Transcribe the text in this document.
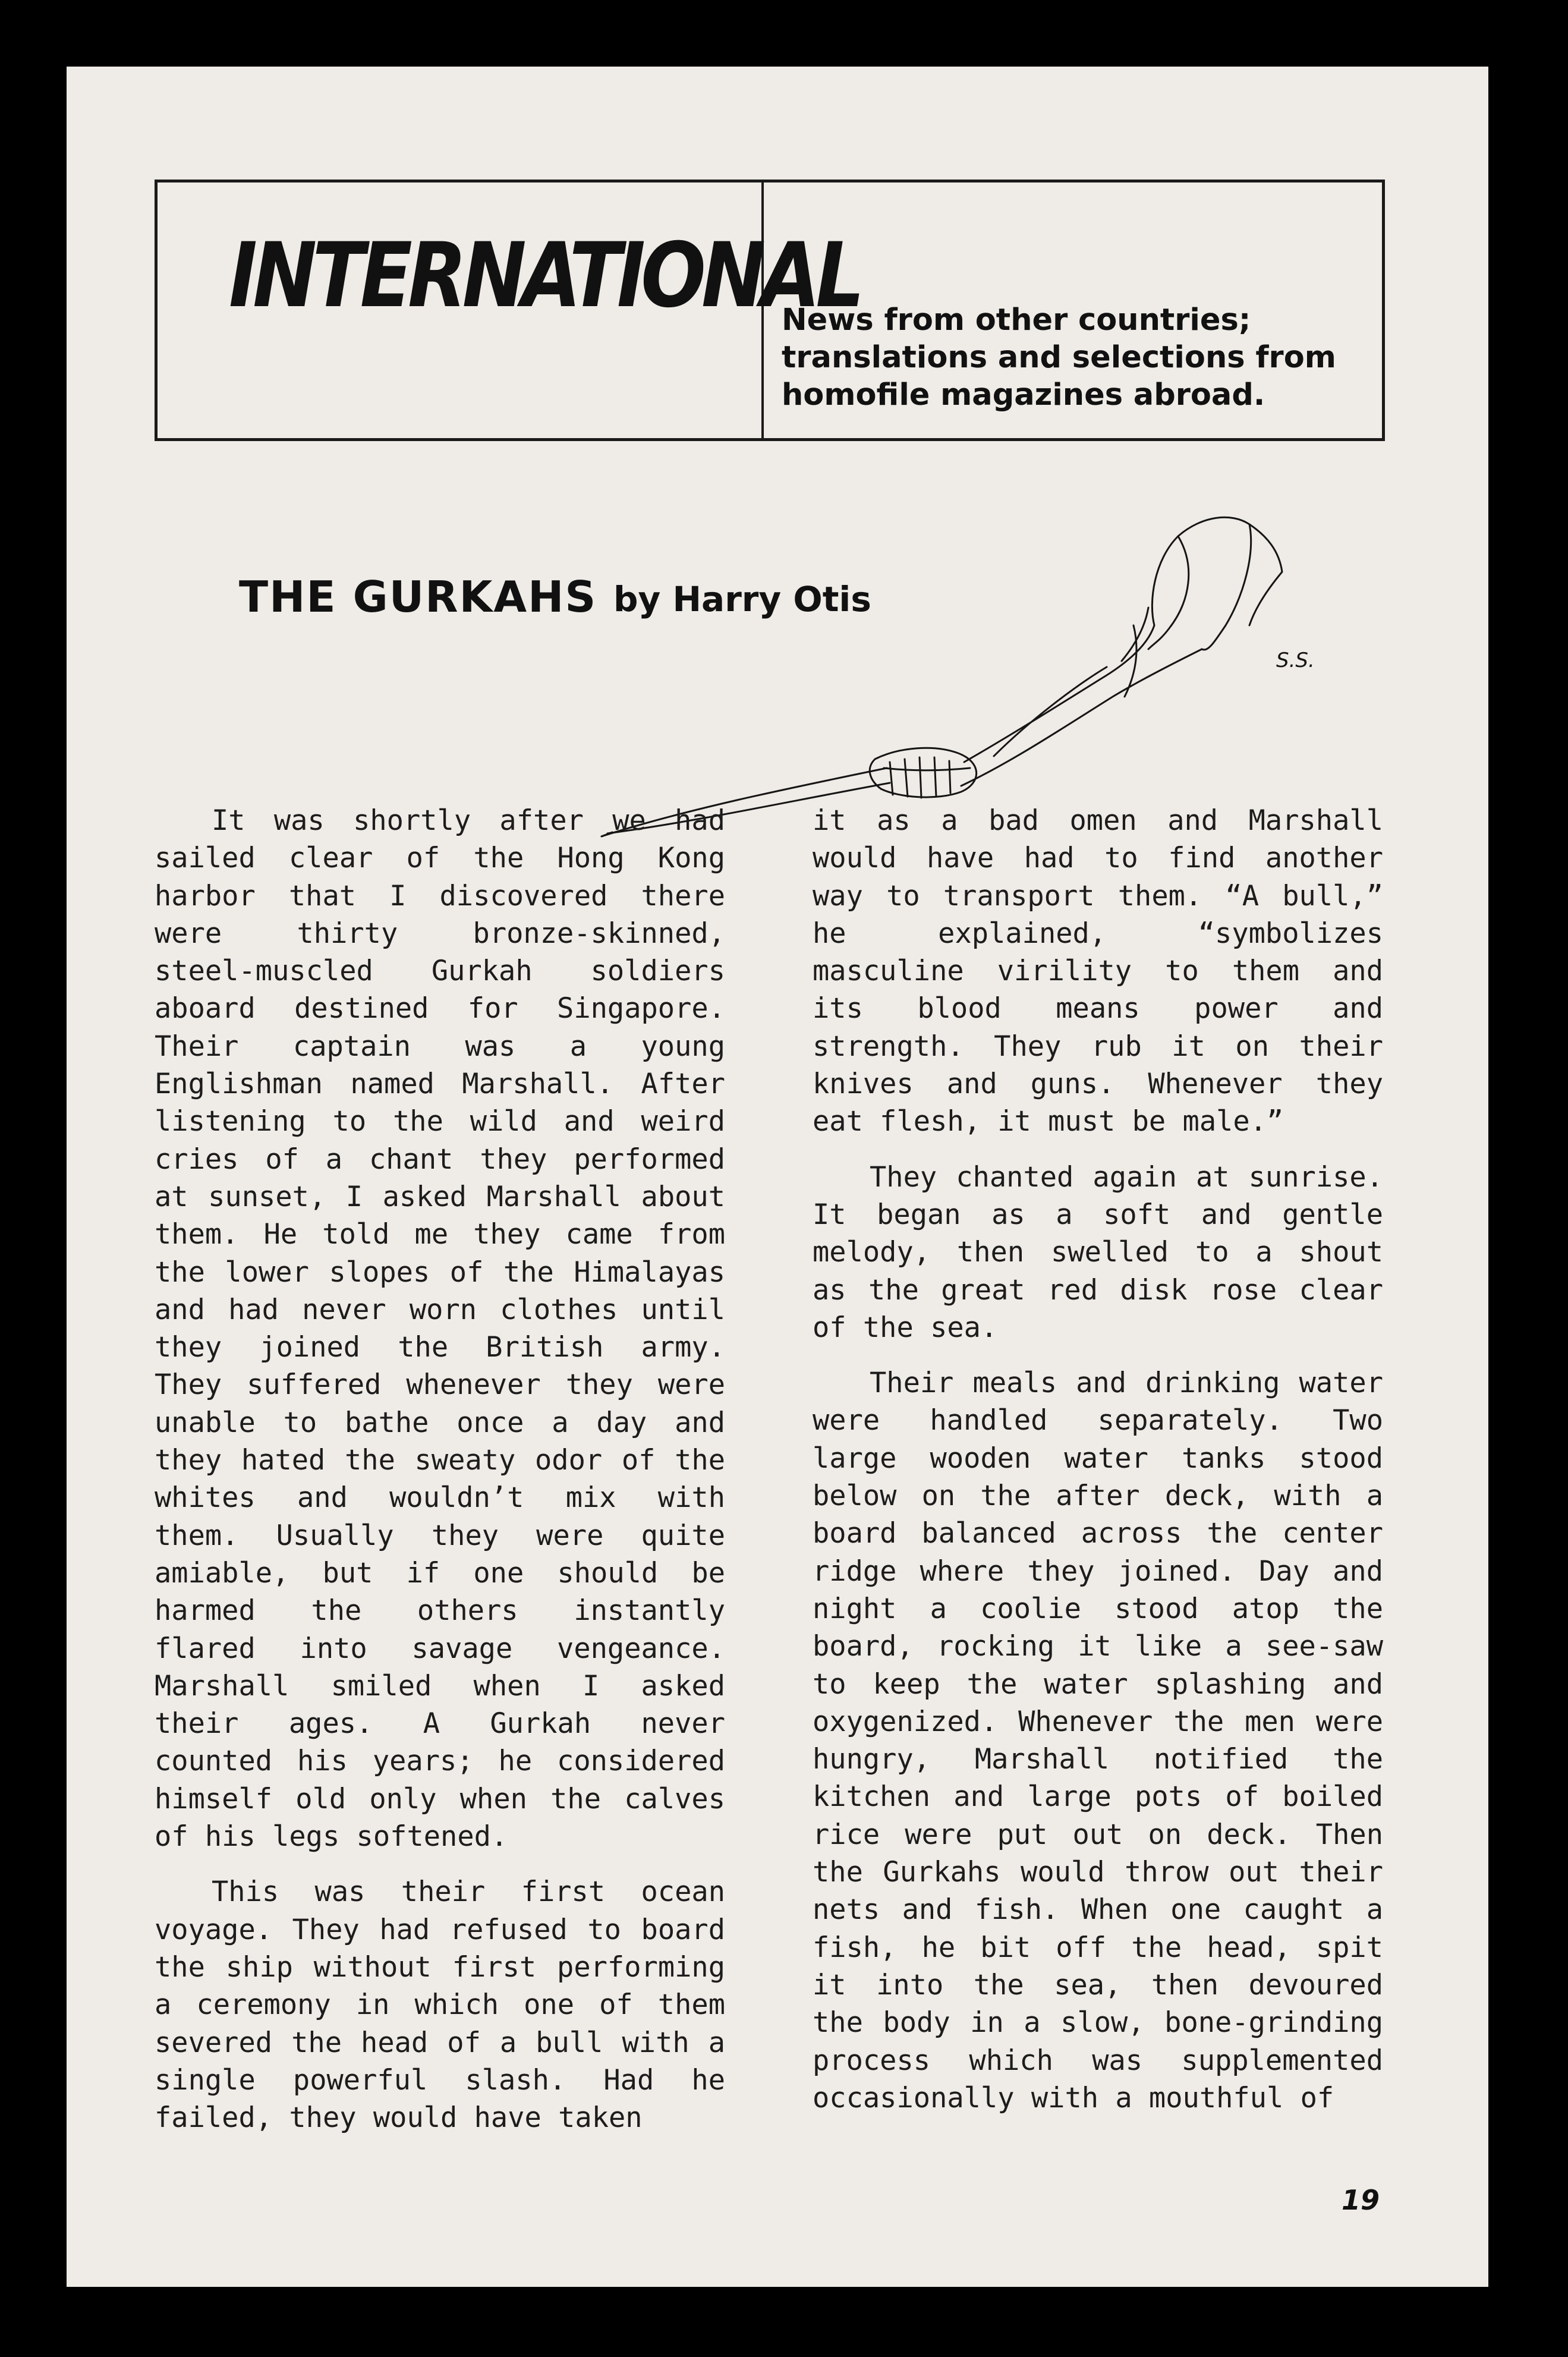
INTERNATIONAL

News from other countries; translations and selections from homofile magazines abroad.

THE GURKAHS by Harry Otis
S.S.

It was shortly after we had sailed clear of the Hong Kong harbor that I discovered there were thirty bronze-skinned, steel-muscled Gurkah soldiers aboard destined for Singapore. Their captain was a young Englishman named Marshall. After listening to the wild and weird cries of a chant they performed at sunset, I asked Marshall about them. He told me they came from the lower slopes of the Himalayas and had never worn clothes until they joined the British army. They suffered whenever they were unable to bathe once a day and they hated the sweaty odor of the whites and wouldn’t mix with them. Usually they were quite amiable, but if one should be harmed the others instantly flared into savage vengeance. Marshall smiled when I asked their ages. A Gurkah never counted his years; he considered himself old only when the calves of his legs softened.

This was their first ocean voyage. They had refused to board the ship without first performing a ceremony in which one of them severed the head of a bull with a single powerful slash. Had he failed, they would have taken

it as a bad omen and Marshall would have had to find another way to transport them. “A bull,” he explained, “symbolizes masculine virility to them and its blood means power and strength. They rub it on their knives and guns. Whenever they eat flesh, it must be male.”

They chanted again at sunrise. It began as a soft and gentle melody, then swelled to a shout as the great red disk rose clear of the sea.

Their meals and drinking water were handled separately. Two large wooden water tanks stood below on the after deck, with a board balanced across the center ridge where they joined. Day and night a coolie stood atop the board, rocking it like a see-saw to keep the water splashing and oxygenized. Whenever the men were hungry, Marshall notified the kitchen and large pots of boiled rice were put out on deck. Then the Gurkahs would throw out their nets and fish. When one caught a fish, he bit off the head, spit it into the sea, then devoured the body in a slow, bone-grinding process which was supplemented occasionally with a mouthful of

19
